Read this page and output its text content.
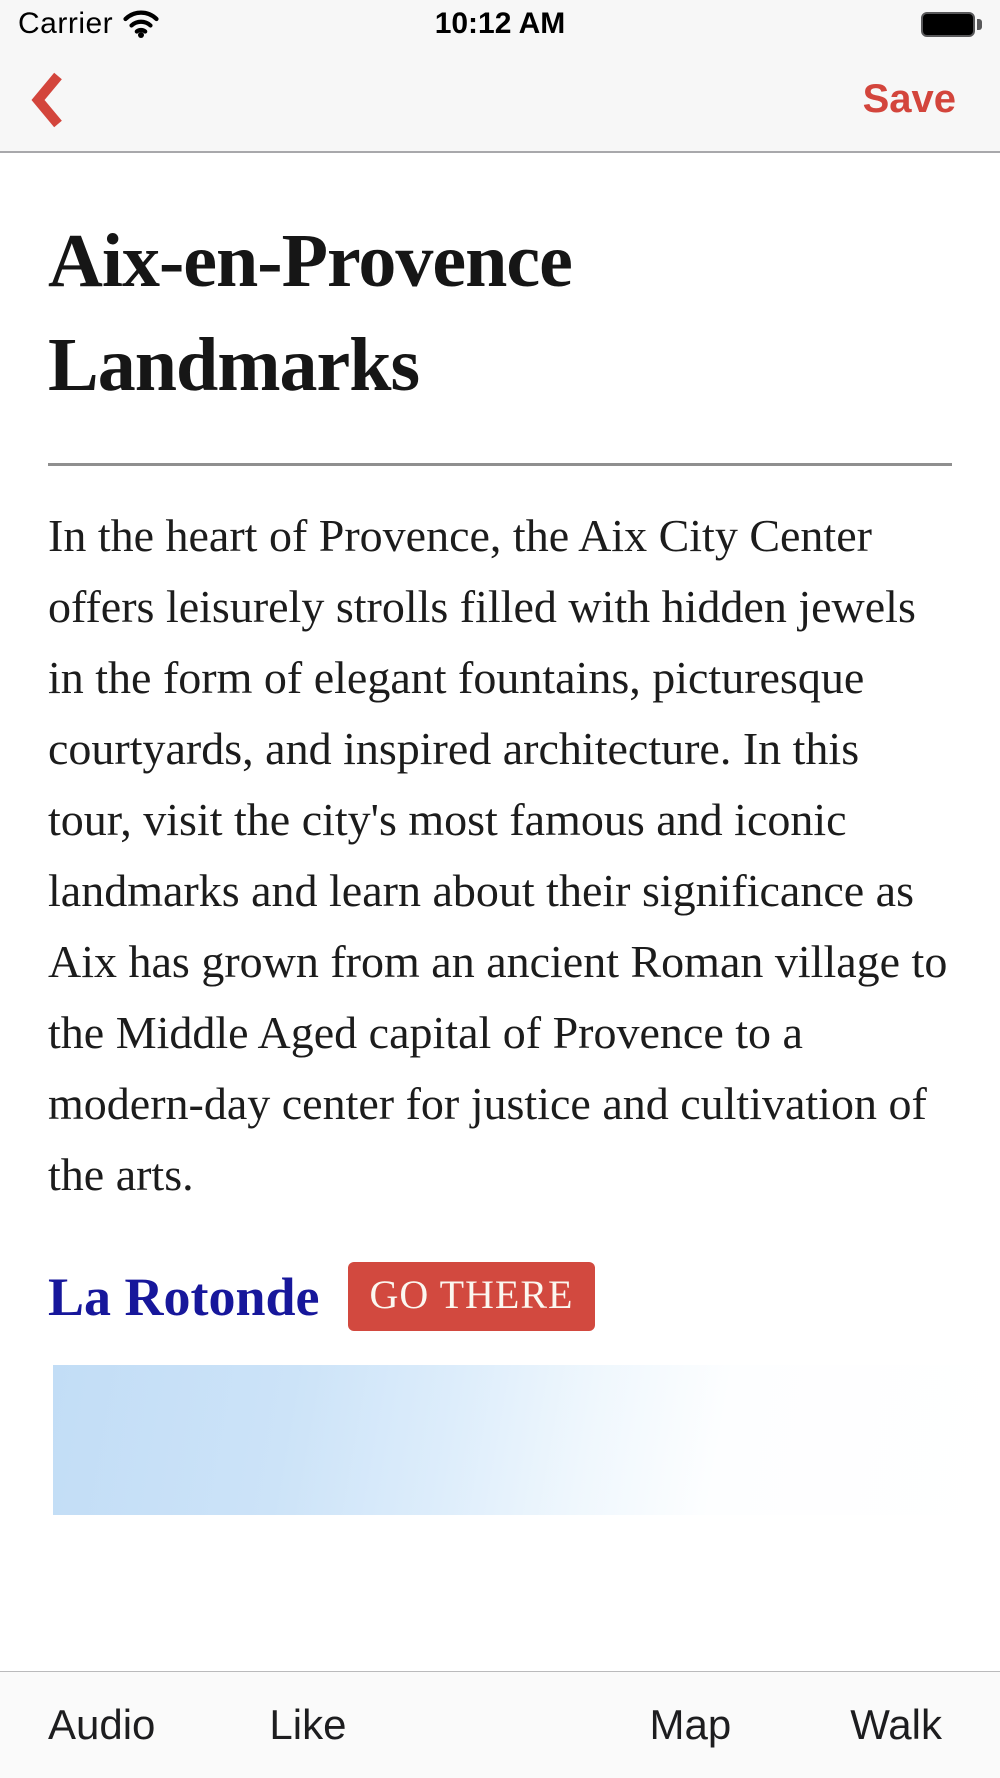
Carrier	10:12 AM
Save
Aix-en-Provence Landmarks

In the heart of Provence, the Aix City Center offers leisurely strolls filled with hidden jewels in the form of elegant fountains, picturesque courtyards, and inspired architecture. In this tour, visit the city's most famous and iconic landmarks and learn about their significance as Aix has grown from an ancient Roman village to the Middle Aged capital of Provence to a modern-day center for justice and cultivation of the arts.

La Rotonde	GO THERE
Audio	Like	Map	Walk
